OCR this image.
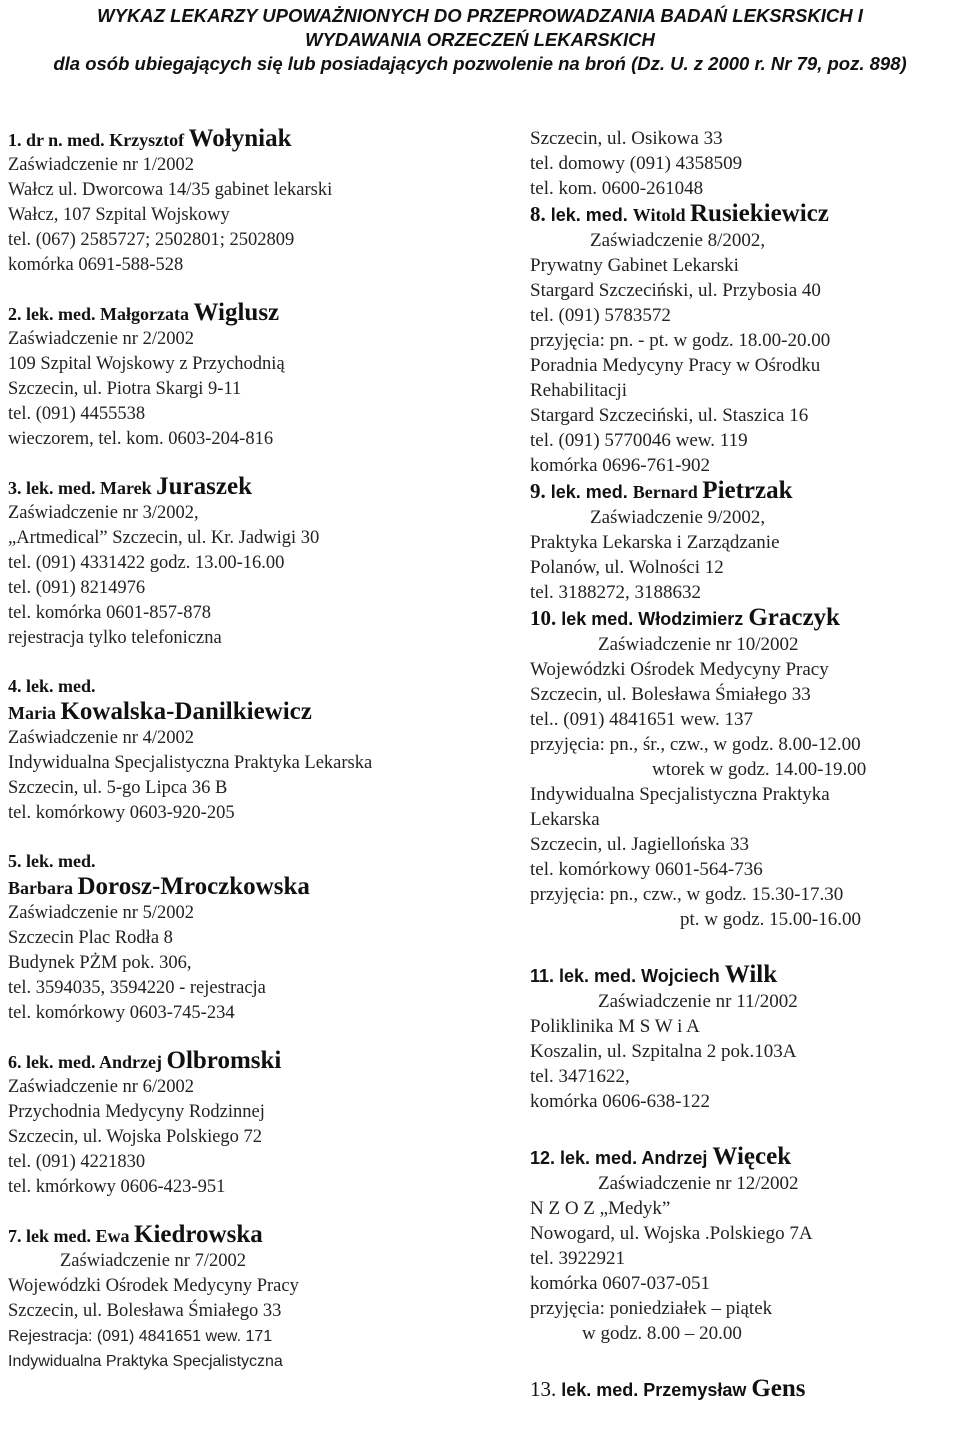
WYKAZ LEKARZY UPOWAŻNIONYCH DO PRZEPROWADZANIA BADAŃ LEKSRSKICH I
WYDAWANIA ORZECZEŃ LEKARSKICH
dla osób ubiegających się lub posiadających pozwolenie na broń (Dz. U. z 2000 r. Nr 79, poz. 898)
1. dr n. med. Krzysztof Wołyniak
Zaświadczenie nr 1/2002
Wałcz ul. Dworcowa 14/35 gabinet lekarski
Wałcz, 107 Szpital Wojskowy
tel. (067) 2585727; 2502801; 2502809
komórka 0691-588-528
2. lek. med. Małgorzata Wiglusz
Zaświadczenie nr 2/2002
109 Szpital Wojskowy z Przychodnią
Szczecin, ul. Piotra Skargi 9-11
tel. (091) 4455538
wieczorem, tel. kom. 0603-204-816
3. lek. med. Marek Juraszek
Zaświadczenie nr 3/2002,
„Artmedical” Szczecin, ul. Kr. Jadwigi 30
tel. (091) 4331422 godz. 13.00-16.00
tel. (091) 8214976
tel. komórka 0601-857-878
rejestracja tylko telefoniczna
4. lek. med.
Maria Kowalska-Danilkiewicz
Zaświadczenie nr 4/2002
Indywidualna Specjalistyczna Praktyka Lekarska
Szczecin, ul. 5-go Lipca 36 B
tel. komórkowy 0603-920-205
5. lek. med.
Barbara Dorosz-Mroczkowska
Zaświadczenie nr 5/2002
Szczecin Plac Rodła 8
Budynek PŻM pok. 306,
tel. 3594035, 3594220 - rejestracja
tel. komórkowy 0603-745-234
6. lek. med. Andrzej Olbromski
Zaświadczenie nr 6/2002
Przychodnia Medycyny Rodzinnej
Szczecin, ul. Wojska Polskiego 72
tel. (091) 4221830
tel. kmórkowy 0606-423-951
7. lek med. Ewa Kiedrowska
Zaświadczenie nr 7/2002
Wojewódzki Ośrodek Medycyny Pracy
Szczecin, ul. Bolesława Śmiałego 33
Rejestracja: (091) 4841651 wew. 171
Indywidualna Praktyka Specjalistyczna
Szczecin, ul. Osikowa 33
tel. domowy (091) 4358509
tel. kom. 0600-261048
8. lek. med. Witold Rusiekiewicz
Zaświadczenie 8/2002,
Prywatny Gabinet Lekarski
Stargard Szczeciński, ul. Przybosia 40
tel. (091) 5783572
przyjęcia: pn. - pt. w godz. 18.00-20.00
Poradnia Medycyny Pracy w Ośrodku
Rehabilitacji
Stargard Szczeciński, ul. Staszica 16
tel. (091) 5770046 wew. 119
komórka 0696-761-902
9. lek. med. Bernard Pietrzak
Zaświadczenie 9/2002,
Praktyka Lekarska i Zarządzanie
Polanów, ul. Wolności 12
tel. 3188272, 3188632
10. lek med. Włodzimierz Graczyk
Zaświadczenie nr 10/2002
Wojewódzki Ośrodek Medycyny Pracy
Szczecin, ul. Bolesława Śmiałego 33
tel.. (091) 4841651 wew. 137
przyjęcia: pn., śr., czw., w godz. 8.00-12.00
wtorek w godz. 14.00-19.00
Indywidualna Specjalistyczna Praktyka
Lekarska
Szczecin, ul. Jagiellońska 33
tel. komórkowy 0601-564-736
przyjęcia: pn., czw., w godz. 15.30-17.30
pt. w godz. 15.00-16.00
11. lek. med. Wojciech Wilk
Zaświadczenie nr 11/2002
Poliklinika M S W i A
Koszalin, ul. Szpitalna 2 pok.103A
tel. 3471622,
komórka 0606-638-122
12. lek. med. Andrzej Więcek
Zaświadczenie nr 12/2002
N Z O Z „Medyk”
Nowogard, ul. Wojska .Polskiego 7A
tel. 3922921
komórka 0607-037-051
przyjęcia: poniedziałek – piątek
w godz. 8.00 – 20.00
13. lek. med. Przemysław Gens
